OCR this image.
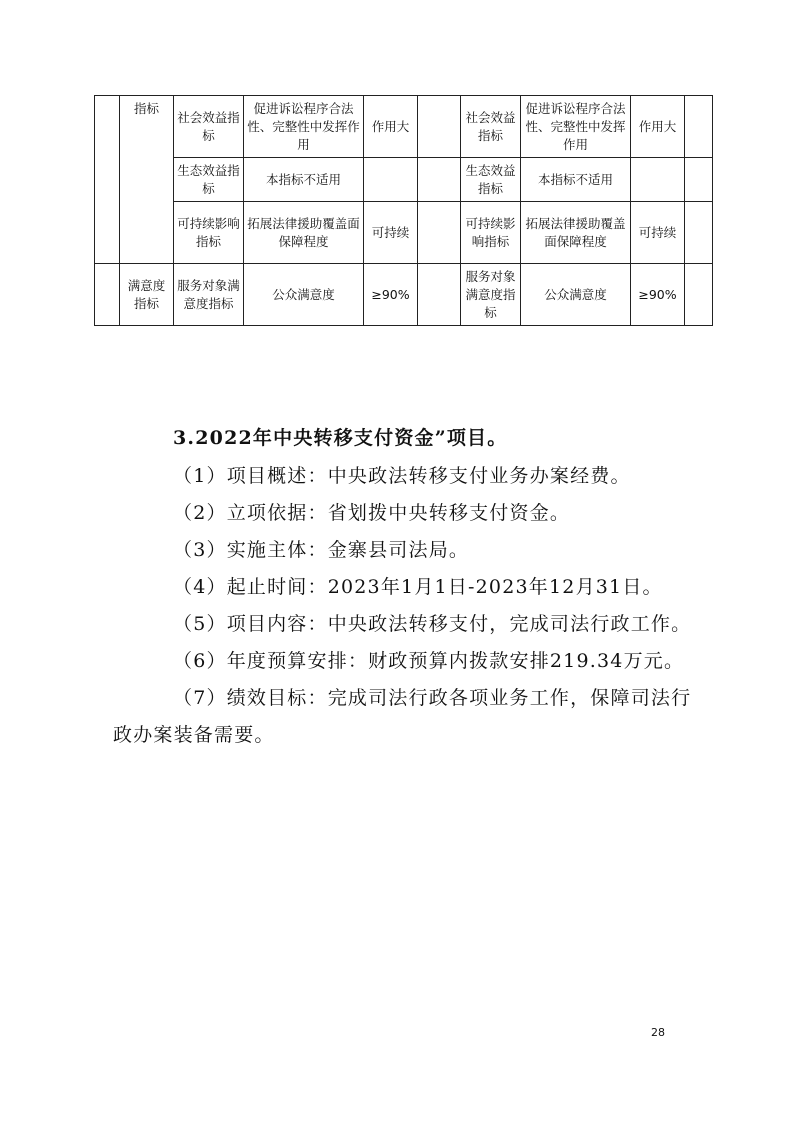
	指标	社会效益指标	促进诉讼程序合法性、完整性中发挥作用	作用大		社会效益指标	促进诉讼程序合法性、完整性中发挥作用	作用大	
		生态效益指标	本指标不适用			生态效益指标	本指标不适用		
		可持续影响指标	拓展法律援助覆盖面保障程度	可持续		可持续影响指标	拓展法律援助覆盖面保障程度	可持续	
	满意度指标	服务对象满意度指标	公众满意度	≥90%		服务对象满意度指标	公众满意度	≥90%	
3.2022年中央转移支付资金”项目。

（1）项目概述：中央政法转移支付业务办案经费。

（2）立项依据：省划拨中央转移支付资金。

（3）实施主体：金寨县司法局。

（4）起止时间：2023年1月1日-2023年12月31日。

（5）项目内容：中央政法转移支付，完成司法行政工作。

（6）年度预算安排：财政预算内拨款安排219.34万元。

（7）绩效目标：完成司法行政各项业务工作，保障司法行政办案装备需要。

28
